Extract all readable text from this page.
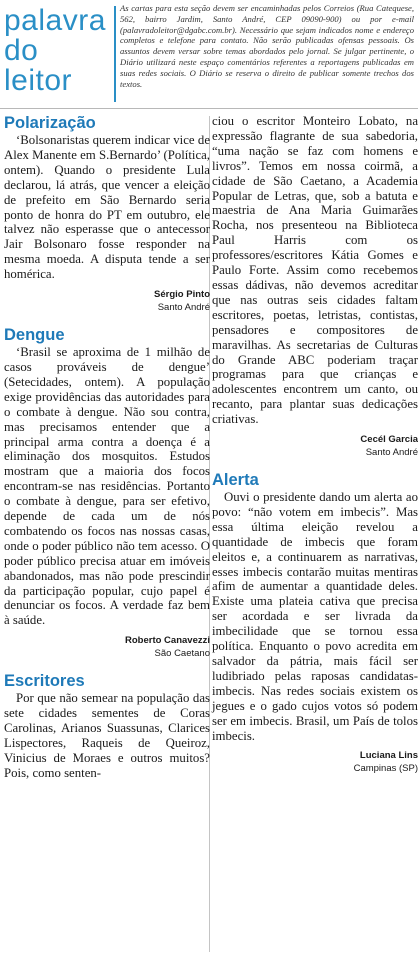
palavra
do leitor

As cartas para esta seção devem ser encaminhadas pelos Correios (Rua Catequese, 562, bairro Jardim, Santo André, CEP 09090-900) ou por e-mail (palavradoleitor@dgabc.com.br). Necessário que sejam indicados nome e endereço completos e telefone para contato. Não serão publicadas ofensas pessoais. Os assuntos devem versar sobre temas abordados pelo jornal. Se julgar pertinente, o Diário utilizará neste espaço comentários referentes a reportagens publicadas em suas redes sociais. O Diário se reserva o direito de publicar somente trechos dos textos.

Polarização

‘Bolsonaristas querem indicar vice de Alex Manente em S.Bernardo’ (Política, ontem). Quando o presidente Lula declarou, lá atrás, que vencer a eleição de prefeito em São Bernardo seria ponto de honra do PT em outubro, ele talvez não esperasse que o antecessor Jair Bolsonaro fosse responder na mesma moeda. A disputa tende a ser homérica.

Sérgio Pinto
Santo André
Dengue

‘Brasil se aproxima de 1 milhão de casos prováveis de dengue’ (Setecidades, ontem). A população exige providências das autoridades para o combate à dengue. Não sou contra, mas precisamos entender que a principal arma contra a doença é a eliminação dos mosquitos. Estudos mostram que a maioria dos focos encontram-se nas residências. Portanto o combate à dengue, para ser efetivo, depende de cada um de nós combatendo os focos nas nossas casas, onde o poder público não tem acesso. O poder público precisa atuar em imóveis abandonados, mas não pode prescindir da participação popular, cujo papel é denunciar os focos. A verdade faz bem à saúde.

Roberto Canavezzi
São Caetano
Escritores

Por que não semear na população das sete cidades sementes de Coras Carolinas, Arianos Suassunas, Clarices Lispectores, Raqueis de Queiroz, Vinicius de Moraes e outros muitos? Pois, como senten-

ciou o escritor Monteiro Lobato, na expressão flagrante de sua sabedoria, “uma nação se faz com homens e livros”. Temos em nossa coirmã, a cidade de São Caetano, a Academia Popular de Letras, que, sob a batuta e maestria de Ana Maria Guimarães Rocha, nos presenteou na Biblioteca Paul Harris com os professores/escritores Kátia Gomes e Paulo Forte. Assim como recebemos essas dádivas, não devemos acreditar que nas outras seis cidades faltam escritores, poetas, letristas, contistas, pensadores e compositores de maravilhas. As secretarias de Culturas do Grande ABC poderiam traçar programas para que crianças e adolescentes encontrem um canto, ou recanto, para plantar suas dedicações criativas.

Cecél Garcia
Santo André
Alerta

Ouvi o presidente dando um alerta ao povo: “não votem em imbecis”. Mas essa última eleição revelou a quantidade de imbecis que foram eleitos e, a continuarem as narrativas, esses imbecis contarão muitas mentiras afim de aumentar a quantidade deles. Existe uma plateia cativa que precisa ser acordada e ser livrada da imbecilidade que se tornou essa política. Enquanto o povo acredita em salvador da pátria, mais fácil ser ludibriado pelas raposas candidatas-imbecis. Nas redes sociais existem os jegues e o gado cujos votos só podem ser em imbecis. Brasil, um País de tolos imbecis.

Luciana Lins
Campinas (SP)
